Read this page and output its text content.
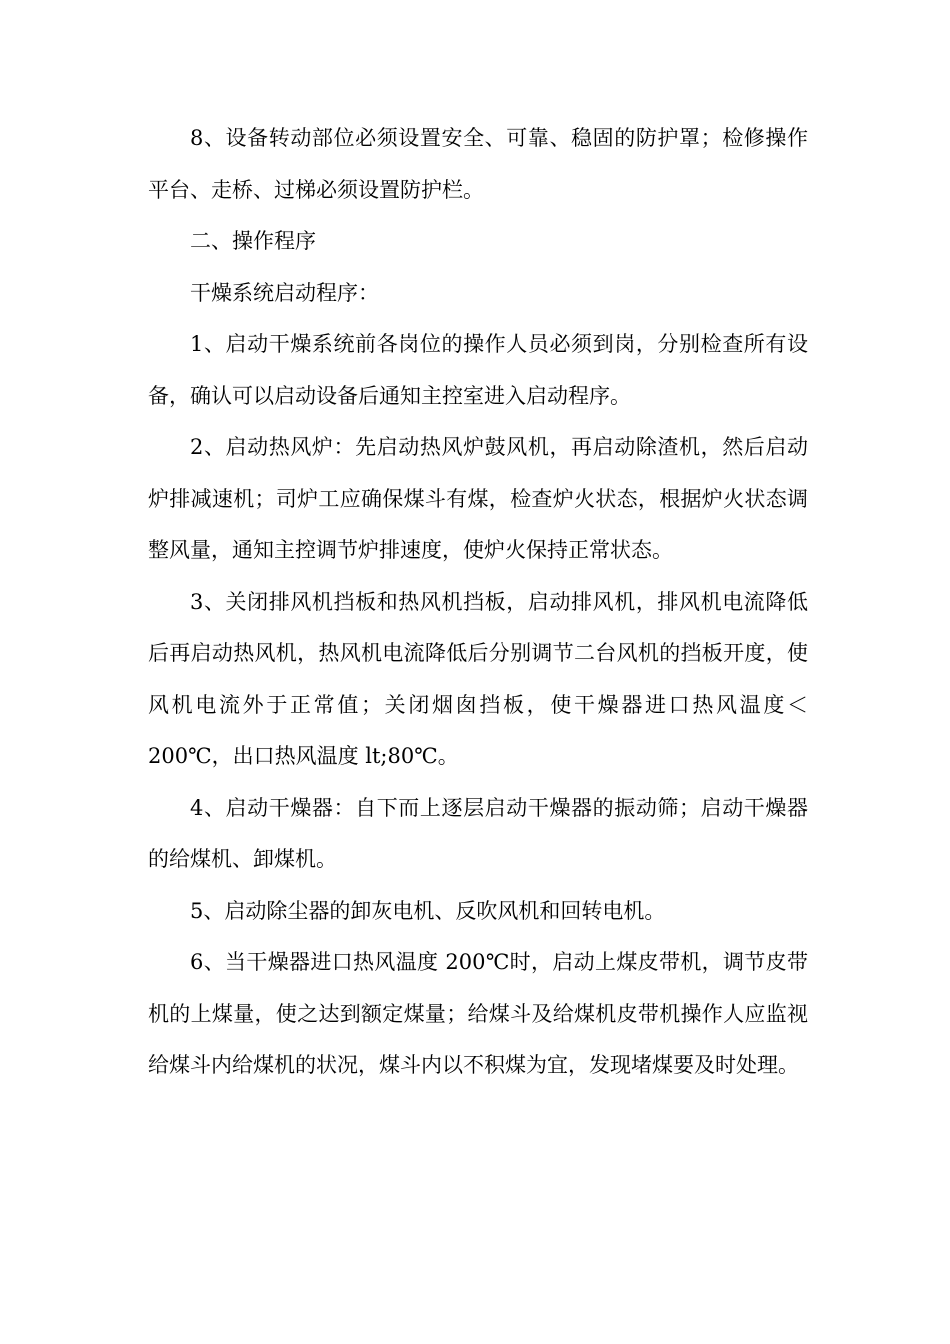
8、设备转动部位必须设置安全、可靠、稳固的防护罩；检修操作平台、走桥、过梯必须设置防护栏。

二、操作程序

干燥系统启动程序：

1、启动干燥系统前各岗位的操作人员必须到岗，分别检查所有设备，确认可以启动设备后通知主控室进入启动程序。

2、启动热风炉：先启动热风炉鼓风机，再启动除渣机，然后启动炉排减速机；司炉工应确保煤斗有煤，检查炉火状态，根据炉火状态调整风量，通知主控调节炉排速度，使炉火保持正常状态。

3、关闭排风机挡板和热风机挡板，启动排风机，排风机电流降低后再启动热风机，热风机电流降低后分别调节二台风机的挡板开度，使风机电流外于正常值；关闭烟囱挡板，使干燥器进口热风温度＜200℃，出口热风温度 lt;80℃。

4、启动干燥器：自下而上逐层启动干燥器的振动筛；启动干燥器的给煤机、卸煤机。

5、启动除尘器的卸灰电机、反吹风机和回转电机。

6、当干燥器进口热风温度 200℃时，启动上煤皮带机，调节皮带机的上煤量，使之达到额定煤量；给煤斗及给煤机皮带机操作人应监视给煤斗内给煤机的状况，煤斗内以不积煤为宜，发现堵煤要及时处理。
